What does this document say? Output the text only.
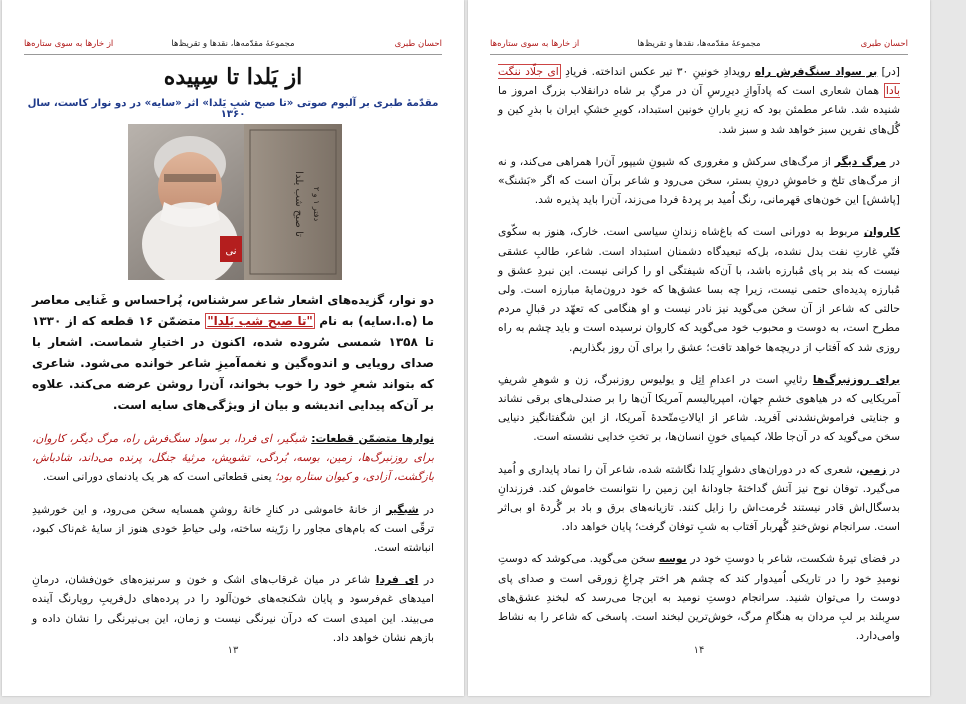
احسان طبری
مجموعهٔ مقدّمه‌ها، نقدها و تقریظ‌ها
از خارها به سوی ستاره‌ها
از یَلدا تا سِپیده
مقدّمهٔ طبری بر آلبوم صوتی «تا صبح شبِ یَلدا» اثر «سایه» در دو نوار کاست، سال ۱۳۶۰
تا صبح شب یلدا دفتر ۱ و ۲
نی

دو نوار، گزیده‌های اشعار شاعر سرشناس، پُراحساس و غَنایی معاصر ما (ه.ا.سایه) به نام "تا صبح شب یَلدا" متضمّن ۱۶ قطعه که از ۱۳۳۰ تا ۱۳۵۸ شمسی سُروده شده، اکنون در اختیارِ شماست. اشعار با صدای رویایی و اندوه‌گین و نغمه‌آمیزِ شاعر خوانده می‌شود. شاعری که بتواند شعرِ خود را خوب بخواند، آن‌را روشن عرضه می‌کند. علاوه بر آن‌که پیدایی اندیشه و بیان از ویژگی‌های سایه است.

نوارها متضمّن قطعات: شبگیر، ای فردا، بر سواد سنگ‌فرش راه، مرگ دیگر، کاروان، برای روزنبرگ‌ها، زمین، بوسه، بُردگی، تشویش، مرثیهٔ جنگل، پرنده می‌داند، شادباش، بازگشت، آزادی، و کیوان ستاره بود؛ یعنی قطعاتی است که هر یک یادنمای دورانی است.

در شبگیر از خانهٔ خاموشی در کنارِ خانهٔ روشنِ همسایه سخن می‌رود، و این خورشیدِ ترقّی است که بام‌های مجاور را زرّینه ساخته، ولی حیاطِ خودی هنوز از سایهٔ غم‌ناک کبود، انباشته است.

در ای فردا شاعر در میان غرقاب‌های اشک و خون و سرنیزه‌های خون‌فشان، درمانِ امیدهای غم‌فرسود و پایان شکنجه‌های خون‌آلود را در پرده‌های دل‌فریبِ رویارنگ آینده می‌بیند. این امیدی است که درآن نیرنگی نیست و زمان، این بی‌نیرنگی را نشان داده و بازهم نشان خواهد داد.

۱۳
احسان طبری
مجموعهٔ مقدّمه‌ها، نقدها و تقریظ‌ها
از خارها به سوی ستاره‌ها

[در] بر سواد سنگ‌فرش راه رویدادِ خونینِ ۳۰ تیر عکس انداخته. فریادِ ای جلّاد ننگت بادا همان شعاری است که پادآوازِ دیرِرسِ آن در مرگِ بر شاه درانقلاب بزرگ امروز ما شنیده شد. شاعر مطمئن بود که زیرِ بارانِ خونین استبداد، کویرِ خشکِ ایران با بذرِ کین و گُل‌های نفرین سبز خواهد شد و سبز شد.

در مرگ دیگر از مرگ‌های سرکش و مغروری که شیونِ شیپور آن‌را همراهی می‌کند، و نه از مرگ‌های تلخ و خاموشِ درونِ بستر، سخن می‌رود و شاعر برآن است که اگر «بَشنگ» [پاشش] این خون‌های قهرمانی، رنگ اُمید بر پردهٔ فردا می‌زند، آن‌را باید پذیره شد.

کاروان مربوط به دورانی است که باغ‌شاه زندانِ سیاسی است. خارک، هنوز به سکّوی فتّیِ غارتِ نفت بدل نشده، بل‌که تبعیدگاه دشمنان استبداد است. شاعر، طالبِ عشقی نیست که بند بر پای مُبارزه باشد، با آن‌که شیفتگی او را کرانی نیست. این نبردِ عشق و مُبارزه پدیده‌ای حتمی نیست، زیرا چه بسا عشق‌ها که خود درون‌مایهٔ مبارزه است. ولی حالتی که شاعر از آن سخن می‌گوید نیز نادر نیست و او هنگامی که تعهّد در قبالِ مردم مطرح است، به دوست و محبوب خود می‌گوید که کاروان نرسیده است و باید چشم به راه روزی شد که آفتاب از دریچه‌ها خواهد تافت؛ عشق را برای آن روز بگذاریم.

برای روزنبرگ‌ها رثاییِ است در اعدامِ اِتِل و یولیوس روزنبرگ، زن و شوهرِ شریفِ آمریکایی که در هیاهوی خشمِ جهان، امپریالیسم آمریکا آن‌ها را بر صندلی‌های برقی نشاند و جنایتی فراموش‌نشدنی آفرید. شاعر از ایالاتِ‌متّحدهٔ آمریکا، از این شگفتانگیز دنیایی سخن می‌گوید که در آن‌جا طلا، کیمیای خونِ انسان‌ها، بر تختِ خدایی نشسته است.

در زمین، شعری که در دوران‌های دشوارِ یَلدا نگاشته شده، شاعر آن را نماد پایداری و اُمید می‌گیرد. توفان نوح نیز آتش گداختهٔ جاودانهٔ این زمین را نتوانست خاموش کند. فرزندانِ بدسگال‌اش قادر نیستند حُرمت‌اش را زایل کنند. تازیانه‌های برق و باد بر گُردهٔ او بی‌اثر است. سرانجام نوش‌خندِ گُهربار آفتاب به شبِ توفان گرفت؛ پایان خواهد داد.

در فضای تیرهٔ شکست، شاعر با دوستِ خود در بوسه سخن می‌گوید. می‌کوشد که دوستِ نومیدِ خود را در تاریکی اُمیدوار کند که چشم هر اختر چراغِ زورقی است و صدای پای دوست را می‌توان شنید. سرانجام دوستِ نومید به این‌جا می‌رسد که لبخندِ عشق‌های سرِبلند بر لبِ مردان به هنگامِ مرگ، خوش‌ترین لبخند است. پاسخی که شاعر را به نشاط وامی‌دارد.

۱۴
